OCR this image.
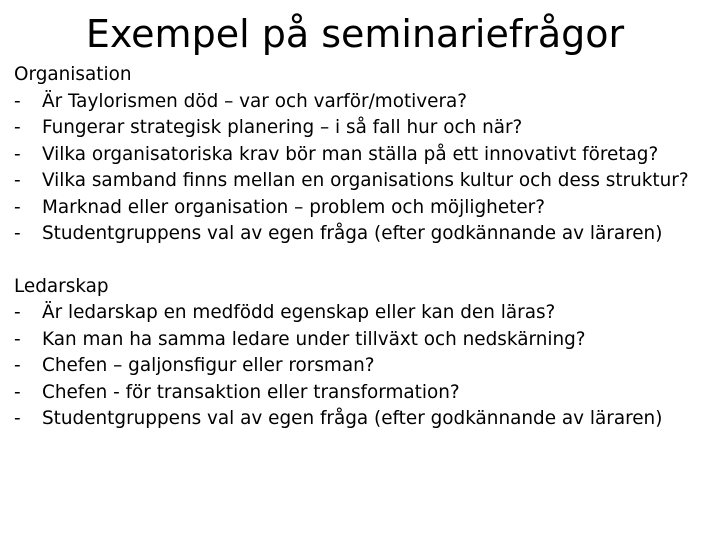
Exempel på seminariefrågor
Organisation
-	Är Taylorismen död – var och varför/motivera?
-	Fungerar strategisk planering – i så fall hur och när?
-	Vilka organisatoriska krav bör man ställa på ett innovativt företag?
-	Vilka samband finns mellan en organisations kultur och dess struktur?
-	Marknad eller organisation – problem och möjligheter?
-	Studentgruppens val av egen fråga (efter godkännande av läraren)
Ledarskap
-	Är ledarskap en medfödd egenskap eller kan den läras?
-	Kan man ha samma ledare under tillväxt och nedskärning?
-	Chefen – galjonsfigur eller rorsman?
-	Chefen - för transaktion eller transformation?
-	Studentgruppens val av egen fråga (efter godkännande av läraren)
